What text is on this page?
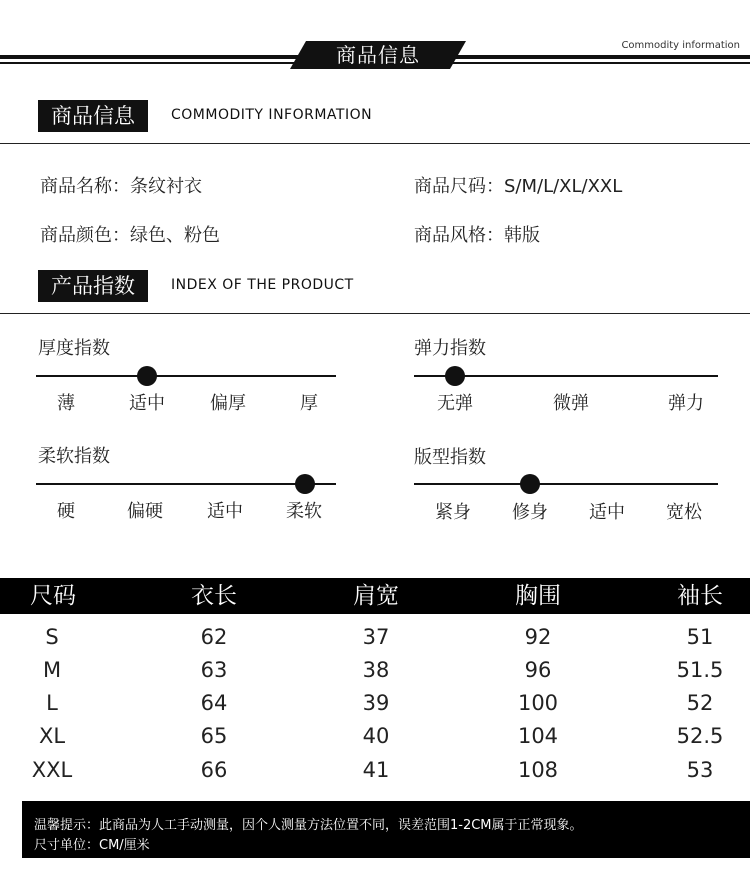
商品信息	Commodity information
商品信息	COMMODITY INFORMATION
商品名称：条纹衬衣	商品尺码：S/M/L/XL/XXL
商品颜色：绿色、粉色	商品风格：韩版
产品指数	INDEX OF THE PRODUCT
厚度指数
薄	适中	偏厚	厚
弹力指数
无弹	微弹	弹力
柔软指数
硬	偏硬	适中	柔软
版型指数
紧身	修身	适中	宽松
尺码	衣长	肩宽	胸围	袖长
S	62	37	92	51
M	63	38	96	51.5
L	64	39	100	52
XL	65	40	104	52.5
XXL	66	41	108	53
温馨提示：此商品为人工手动测量，因个人测量方法位置不同，误差范围1-2CM属于正常现象。
尺寸单位：CM/厘米
